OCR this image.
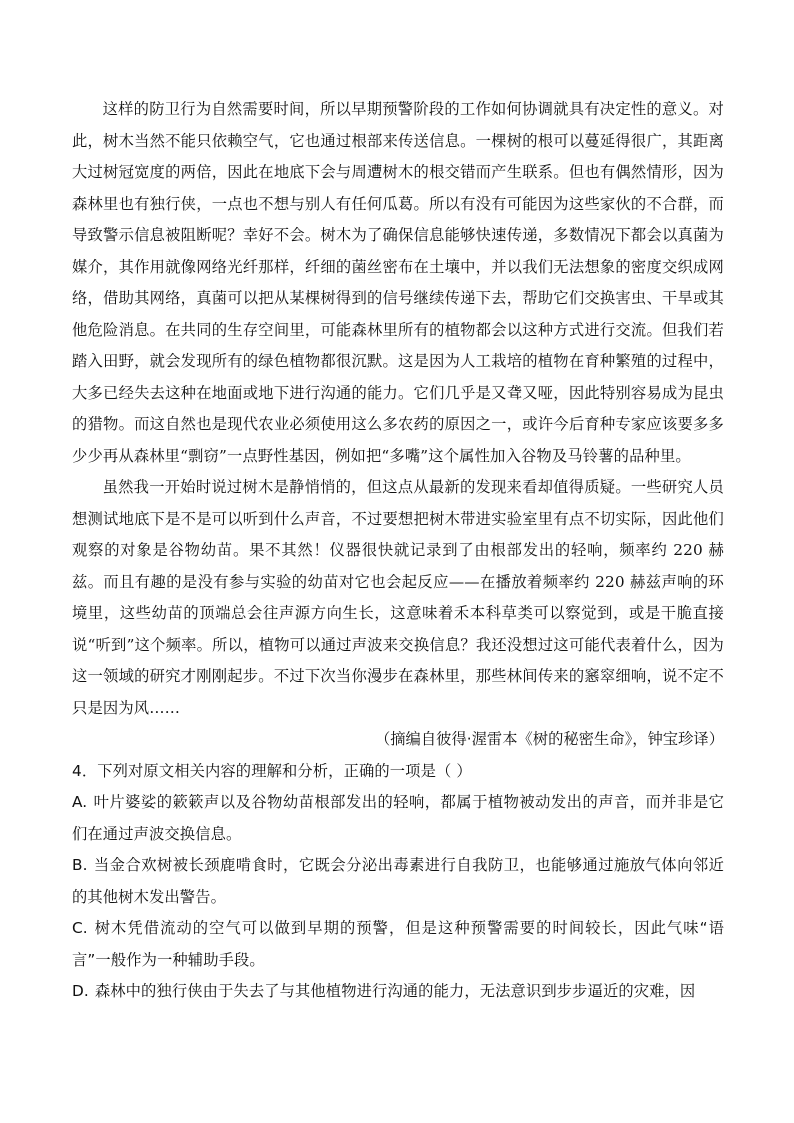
这样的防卫行为自然需要时间，所以早期预警阶段的工作如何协调就具有决定性的意义。对此，树木当然不能只依赖空气，它也通过根部来传送信息。一棵树的根可以蔓延得很广，其距离大过树冠宽度的两倍，因此在地底下会与周遭树木的根交错而产生联系。但也有偶然情形，因为森林里也有独行侠，一点也不想与别人有任何瓜葛。所以有没有可能因为这些家伙的不合群，而导致警示信息被阻断呢？幸好不会。树木为了确保信息能够快速传递，多数情况下都会以真菌为媒介，其作用就像网络光纤那样，纤细的菌丝密布在土壤中，并以我们无法想象的密度交织成网络，借助其网络，真菌可以把从某棵树得到的信号继续传递下去，帮助它们交换害虫、干旱或其他危险消息。在共同的生存空间里，可能森林里所有的植物都会以这种方式进行交流。但我们若踏入田野，就会发现所有的绿色植物都很沉默。这是因为人工栽培的植物在育种繁殖的过程中，大多已经失去这种在地面或地下进行沟通的能力。它们几乎是又聋又哑，因此特别容易成为昆虫的猎物。而这自然也是现代农业必须使用这么多农药的原因之一，或许今后育种专家应该要多多少少再从森林里“剽窃”一点野性基因，例如把“多嘴”这个属性加入谷物及马铃薯的品种里。

虽然我一开始时说过树木是静悄悄的，但这点从最新的发现来看却值得质疑。一些研究人员想测试地底下是不是可以听到什么声音，不过要想把树木带进实验室里有点不切实际，因此他们观察的对象是谷物幼苗。果不其然！仪器很快就记录到了由根部发出的轻响，频率约 220 赫兹。而且有趣的是没有参与实验的幼苗对它也会起反应——在播放着频率约 220 赫兹声响的环境里，这些幼苗的顶端总会往声源方向生长，这意味着禾本科草类可以察觉到，或是干脆直接说“听到”这个频率。所以，植物可以通过声波来交换信息？我还没想过这可能代表着什么，因为这一领域的研究才刚刚起步。不过下次当你漫步在森林里，那些林间传来的窸窣细响，说不定不只是因为风……

（摘编自彼得·渥雷本《树的秘密生命》，钟宝珍译）

4．下列对原文相关内容的理解和分析，正确的一项是（ ）

A. 叶片婆娑的簌簌声以及谷物幼苗根部发出的轻响，都属于植物被动发出的声音，而并非是它们在通过声波交换信息。

B. 当金合欢树被长颈鹿啃食时，它既会分泌出毒素进行自我防卫，也能够通过施放气体向邻近的其他树木发出警告。

C. 树木凭借流动的空气可以做到早期的预警，但是这种预警需要的时间较长，因此气味“语言”一般作为一种辅助手段。

D. 森林中的独行侠由于失去了与其他植物进行沟通的能力，无法意识到步步逼近的灾难，因
